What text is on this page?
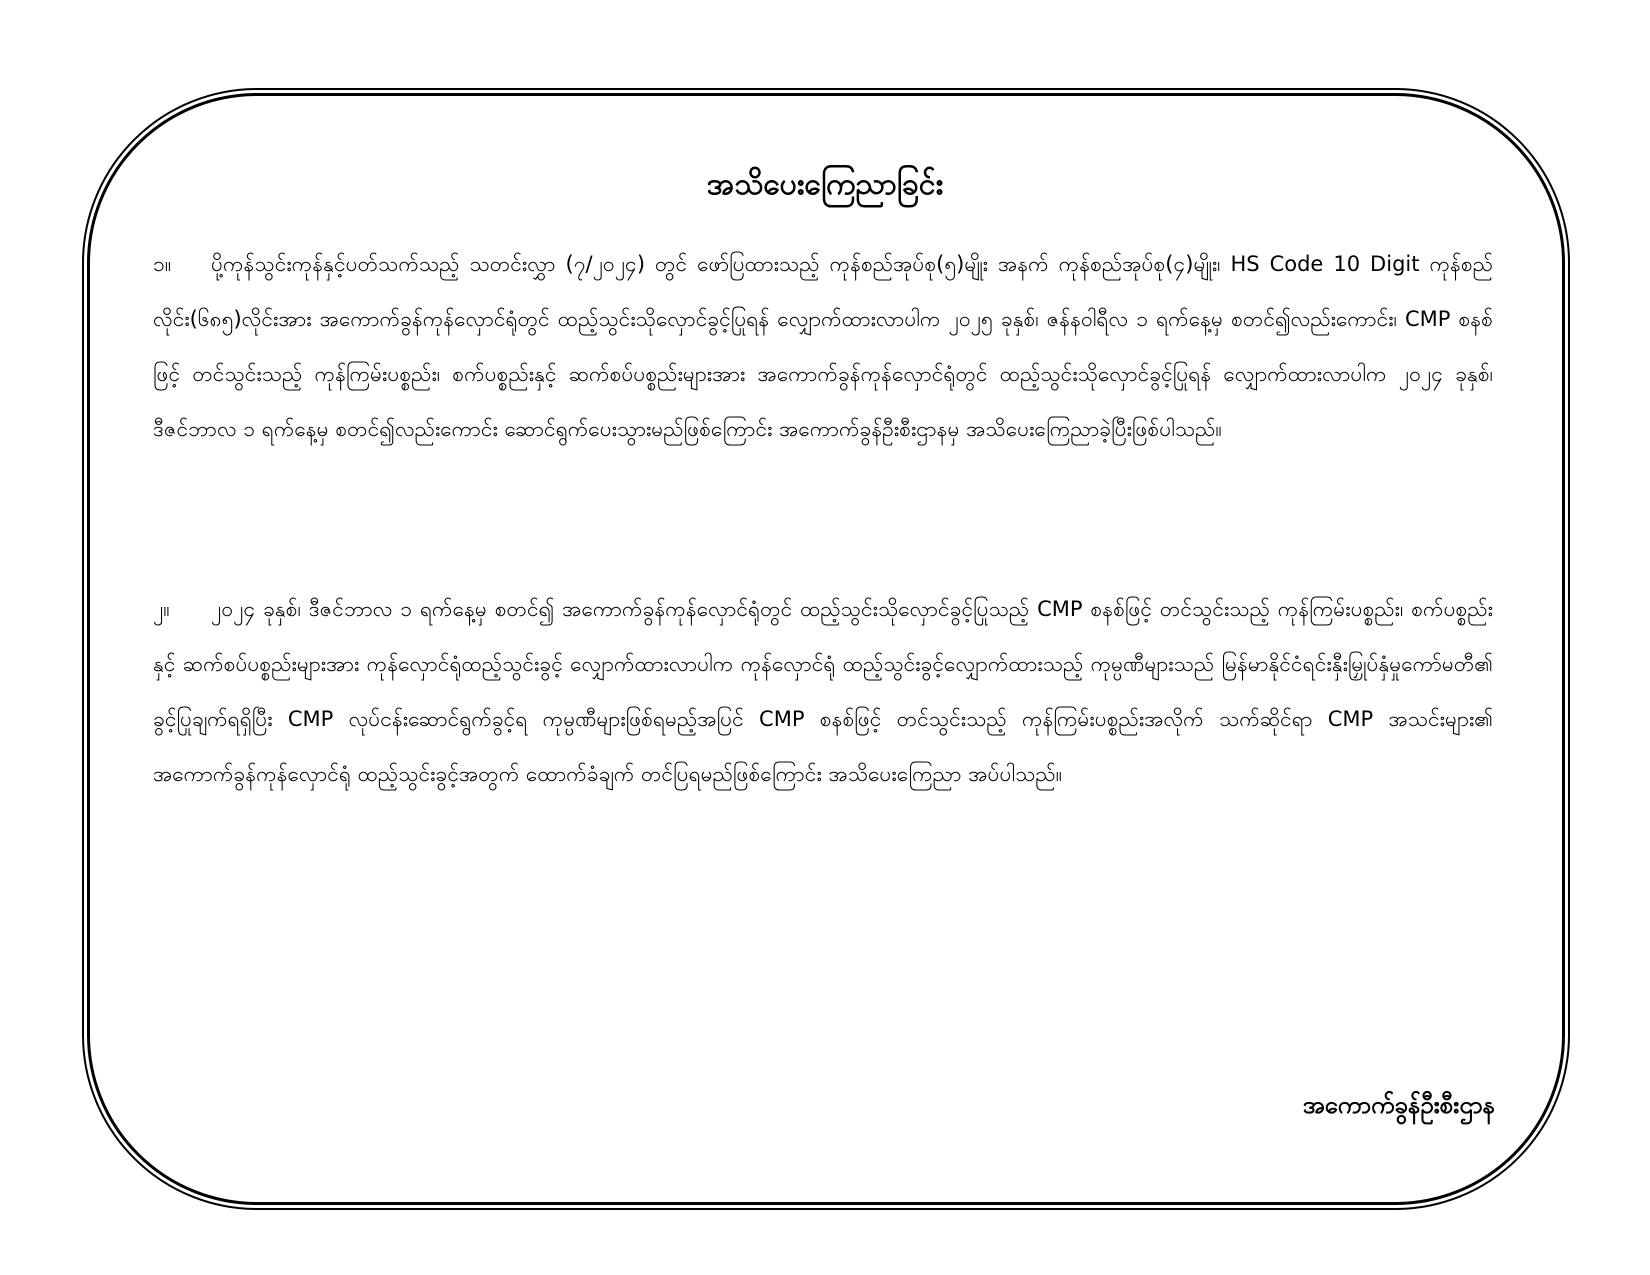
အသိပေးကြေညာခြင်း
၁။ ပို့ကုန်သွင်းကုန်နှင့်ပတ်သက်သည့် သတင်းလွှာ (၇/၂၀၂၄) တွင် ဖော်ပြထားသည့် ကုန်စည်အုပ်စု(၅)မျိုး အနက် ကုန်စည်အုပ်စု(၄)မျိုး၊ HS Code 10 Digit ကုန်စည်လိုင်း(၆၈၅)လိုင်းအား အကောက်ခွန်ကုန်လှောင်ရုံတွင် ထည့်သွင်းသိုလှောင်ခွင့်ပြုရန် လျှောက်ထားလာပါက ၂၀၂၅ ခုနှစ်၊ ဇန်နဝါရီလ ၁ ရက်နေ့မှ စတင်၍လည်းကောင်း၊ CMP စနစ်ဖြင့် တင်သွင်းသည့် ကုန်ကြမ်းပစ္စည်း၊ စက်ပစ္စည်းနှင့် ဆက်စပ်ပစ္စည်းများအား အကောက်ခွန်ကုန်လှောင်ရုံတွင် ထည့်သွင်းသိုလှောင်ခွင့်ပြုရန် လျှောက်ထားလာပါက ၂၀၂၄ ခုနှစ်၊ ဒီဇင်ဘာလ ၁ ရက်နေ့မှ စတင်၍လည်းကောင်း ဆောင်ရွက်ပေးသွားမည်ဖြစ်ကြောင်း အကောက်ခွန်ဦးစီးဌာနမှ အသိပေးကြေညာခဲ့ပြီးဖြစ်ပါသည်။
၂။ ၂၀၂၄ ခုနှစ်၊ ဒီဇင်ဘာလ ၁ ရက်နေ့မှ စတင်၍ အကောက်ခွန်ကုန်လှောင်ရုံတွင် ထည့်သွင်းသိုလှောင်ခွင့်ပြုသည့် CMP စနစ်ဖြင့် တင်သွင်းသည့် ကုန်ကြမ်းပစ္စည်း၊ စက်ပစ္စည်းနှင့် ဆက်စပ်ပစ္စည်းများအား ကုန်လှောင်ရုံထည့်သွင်းခွင့် လျှောက်ထားလာပါက ကုန်လှောင်ရုံ ထည့်သွင်းခွင့်လျှောက်ထားသည့် ကုမ္ပဏီများသည် မြန်မာနိုင်ငံရင်းနှီးမြှုပ်နှံမှုကော်မတီ၏ ခွင့်ပြုချက်ရရှိပြီး CMP လုပ်ငန်းဆောင်ရွက်ခွင့်ရ ကုမ္ပဏီများဖြစ်ရမည့်အပြင် CMP စနစ်ဖြင့် တင်သွင်းသည့် ကုန်ကြမ်းပစ္စည်းအလိုက် သက်ဆိုင်ရာ CMP အသင်းများ၏ အကောက်ခွန်ကုန်လှောင်ရုံ ထည့်သွင်းခွင့်အတွက် ထောက်ခံချက် တင်ပြရမည်ဖြစ်ကြောင်း အသိပေးကြေညာ အပ်ပါသည်။
အကောက်ခွန်ဦးစီးဌာန
